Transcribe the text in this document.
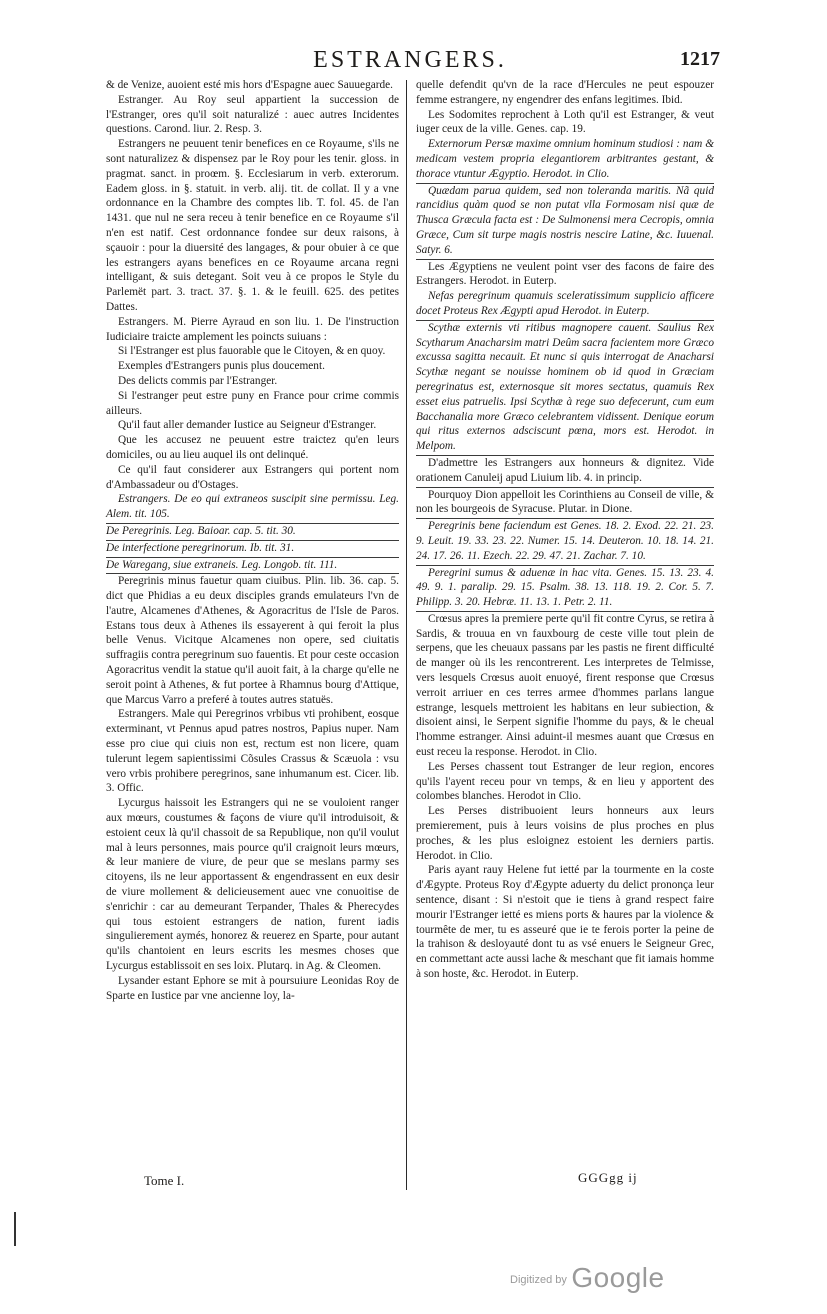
ESTRANGERS.	1217

& de Venize, auoient esté mis hors d'Espagne auec Sauuegarde.

Estranger. Au Roy seul appartient la succession de l'Estranger, ores qu'il soit naturalizé : auec autres Incidentes questions. Carond. liur. 2. Resp. 3.

Estrangers ne peuuent tenir benefices en ce Royaume, s'ils ne sont naturalizez & dispensez par le Roy pour les tenir. gloss. in pragmat. sanct. in proœm. §. Ecclesiarum in verb. exterorum. Eadem gloss. in §. statuit. in verb. alij. tit. de collat. Il y a vne ordonnance en la Chambre des comptes lib. T. fol. 45. de l'an 1431. que nul ne sera receu à tenir benefice en ce Royaume s'il n'en est natif. Cest ordonnance fondee sur deux raisons, à sçauoir : pour la diuersité des langages, & pour obuier à ce que les estrangers ayans benefices en ce Royaume arcana regni intelligant, & suis detegant. Soit veu à ce propos le Style du Parlemët part. 3. tract. 37. §. 1. & le feuill. 625. des petites Dattes.

Estrangers. M. Pierre Ayraud en son liu. 1. De l'instruction Iudiciaire traicte amplement les poincts suiuans :

Si l'Estranger est plus fauorable que le Citoyen, & en quoy.

Exemples d'Estrangers punis plus doucement.

Des delicts commis par l'Estranger.

Si l'estranger peut estre puny en France pour crime commis ailleurs.

Qu'il faut aller demander Iustice au Seigneur d'Estranger.

Que les accusez ne peuuent estre traictez qu'en leurs domiciles, ou au lieu auquel ils ont delinqué.

Ce qu'il faut considerer aux Estrangers qui portent nom d'Ambassadeur ou d'Ostages.

Estrangers. De eo qui extraneos suscipit sine permissu. Leg. Alem. tit. 105.

De Peregrinis. Leg. Baioar. cap. 5. tit. 30.

De interfectione peregrinorum. Ib. tit. 31.

De Waregang, siue extraneis. Leg. Longob. tit. 111.

Peregrinis minus fauetur quam ciuibus. Plin. lib. 36. cap. 5. dict que Phidias a eu deux disciples grands emulateurs l'vn de l'autre, Alcamenes d'Athenes, & Agoracritus de l'Isle de Paros. Estans tous deux à Athenes ils essayerent à qui feroit la plus belle Venus. Vicitque Alcamenes non opere, sed ciuitatis suffragiis contra peregrinum suo fauentis. Et pour ceste occasion Agoracritus vendit la statue qu'il auoit fait, à la charge qu'elle ne seroit point à Athenes, & fut portee à Rhamnus bourg d'Attique, que Marcus Varro a preferé à toutes autres statuës.

Estrangers. Male qui Peregrinos vrbibus vti prohibent, eosque exterminant, vt Pennus apud patres nostros, Papius nuper. Nam esse pro ciue qui ciuis non est, rectum est non licere, quam tulerunt legem sapientissimi Cõsules Crassus & Scæuola : vsu vero vrbis prohibere peregrinos, sane inhumanum est. Cicer. lib. 3. Offic.

Lycurgus haissoit les Estrangers qui ne se vouloient ranger aux mœurs, coustumes & façons de viure qu'il introduisoit, & estoient ceux là qu'il chassoit de sa Republique, non qu'il voulut mal à leurs personnes, mais pource qu'il craignoit leurs mœurs, & leur maniere de viure, de peur que se meslans parmy ses citoyens, ils ne leur apportassent & engendrassent en eux desir de viure mollement & delicieusement auec vne conuoitise de s'enrichir : car au demeurant Terpander, Thales & Pherecydes qui tous estoient estrangers de nation, furent iadis singulierement aymés, honorez & reuerez en Sparte, pour autant qu'ils chantoient en leurs escrits les mesmes choses que Lycurgus establissoit en ses loix. Plutarq. in Ag. & Cleomen.

Lysander estant Ephore se mit à poursuiure Leonidas Roy de Sparte en Iustice par vne ancienne loy, la-

quelle defendit qu'vn de la race d'Hercules ne peut espouzer femme estrangere, ny engendrer des enfans legitimes. Ibid.

Les Sodomites reprochent à Loth qu'il est Estranger, & veut iuger ceux de la ville. Genes. cap. 19.

Externorum Persæ maxime omnium hominum studiosi : nam & medicam vestem propria elegantiorem arbitrantes gestant, & thorace vtuntur Ægyptio. Herodot. in Clio.

Quædam parua quidem, sed non toleranda maritis. Nã quid rancidius quàm quod se non putat vlla Formosam nisi quæ de Thusca Græcula facta est : De Sulmonensi mera Cecropis, omnia Græce, Cum sit turpe magis nostris nescire Latine, &c. Iuuenal. Satyr. 6.

Les Ægyptiens ne veulent point vser des facons de faire des Estrangers. Herodot. in Euterp.

Nefas peregrinum quamuis sceleratissimum supplicio afficere docet Proteus Rex Ægypti apud Herodot. in Euterp.

Scythæ externis vti ritibus magnopere cauent. Saulius Rex Scytharum Anacharsim matri Deûm sacra facientem more Græco excussa sagitta necauit. Et nunc si quis interrogat de Anacharsi Scythæ negant se nouisse hominem ob id quod in Græciam peregrinatus est, externosque sit mores sectatus, quamuis Rex esset eius patruelis. Ipsi Scythæ à rege suo defecerunt, cum eum Bacchanalia more Græco celebrantem vidissent. Denique eorum qui ritus externos adsciscunt pœna, mors est. Herodot. in Melpom.

D'admettre les Estrangers aux honneurs & dignitez. Vide orationem Canuleij apud Liuium lib. 4. in princip.

Pourquoy Dion appelloit les Corinthiens au Conseil de ville, & non les bourgeois de Syracuse. Plutar. in Dione.

Peregrinis bene faciendum est Genes. 18. 2. Exod. 22. 21. 23. 9. Leuit. 19. 33. 23. 22. Numer. 15. 14. Deuteron. 10. 18. 14. 21. 24. 17. 26. 11. Ezech. 22. 29. 47. 21. Zachar. 7. 10.

Peregrini sumus & aduenæ in hac vita. Genes. 15. 13. 23. 4. 49. 9. 1. paralip. 29. 15. Psalm. 38. 13. 118. 19. 2. Cor. 5. 7. Philipp. 3. 20. Hebræ. 11. 13. 1. Petr. 2. 11.

Crœsus apres la premiere perte qu'il fit contre Cyrus, se retira à Sardis, & trouua en vn fauxbourg de ceste ville tout plein de serpens, que les cheuaux passans par les pastis ne firent difficulté de manger où ils les rencontrerent. Les interpretes de Telmisse, vers lesquels Crœsus auoit enuoyé, firent response que Crœsus verroit arriuer en ces terres armee d'hommes parlans langue estrange, lesquels mettroient les habitans en leur subiection, & disoient ainsi, le Serpent signifie l'homme du pays, & le cheual l'homme estranger. Ainsi aduint-il mesmes auant que Crœsus en eust receu la response. Herodot. in Clio.

Les Perses chassent tout Estranger de leur region, encores qu'ils l'ayent receu pour vn temps, & en lieu y apportent des colombes blanches. Herodot in Clio.

Les Perses distribuoient leurs honneurs aux leurs premierement, puis à leurs voisins de plus proches en plus proches, & les plus esloignez estoient les derniers partis. Herodot. in Clio.

Paris ayant rauy Helene fut ietté par la tourmente en la coste d'Ægypte. Proteus Roy d'Ægypte aduerty du delict prononça leur sentence, disant : Si n'estoit que ie tiens à grand respect faire mourir l'Estranger ietté es miens ports & haures par la violence & tourmête de mer, tu es asseuré que ie te ferois porter la peine de la trahison & desloyauté dont tu as vsé enuers le Seigneur Grec, en commettant acte aussi lache & meschant que fit iamais homme à son hoste, &c. Herodot. in Euterp.

Tome I.	GGGgg ij
$^{Digitized by}$ Google
